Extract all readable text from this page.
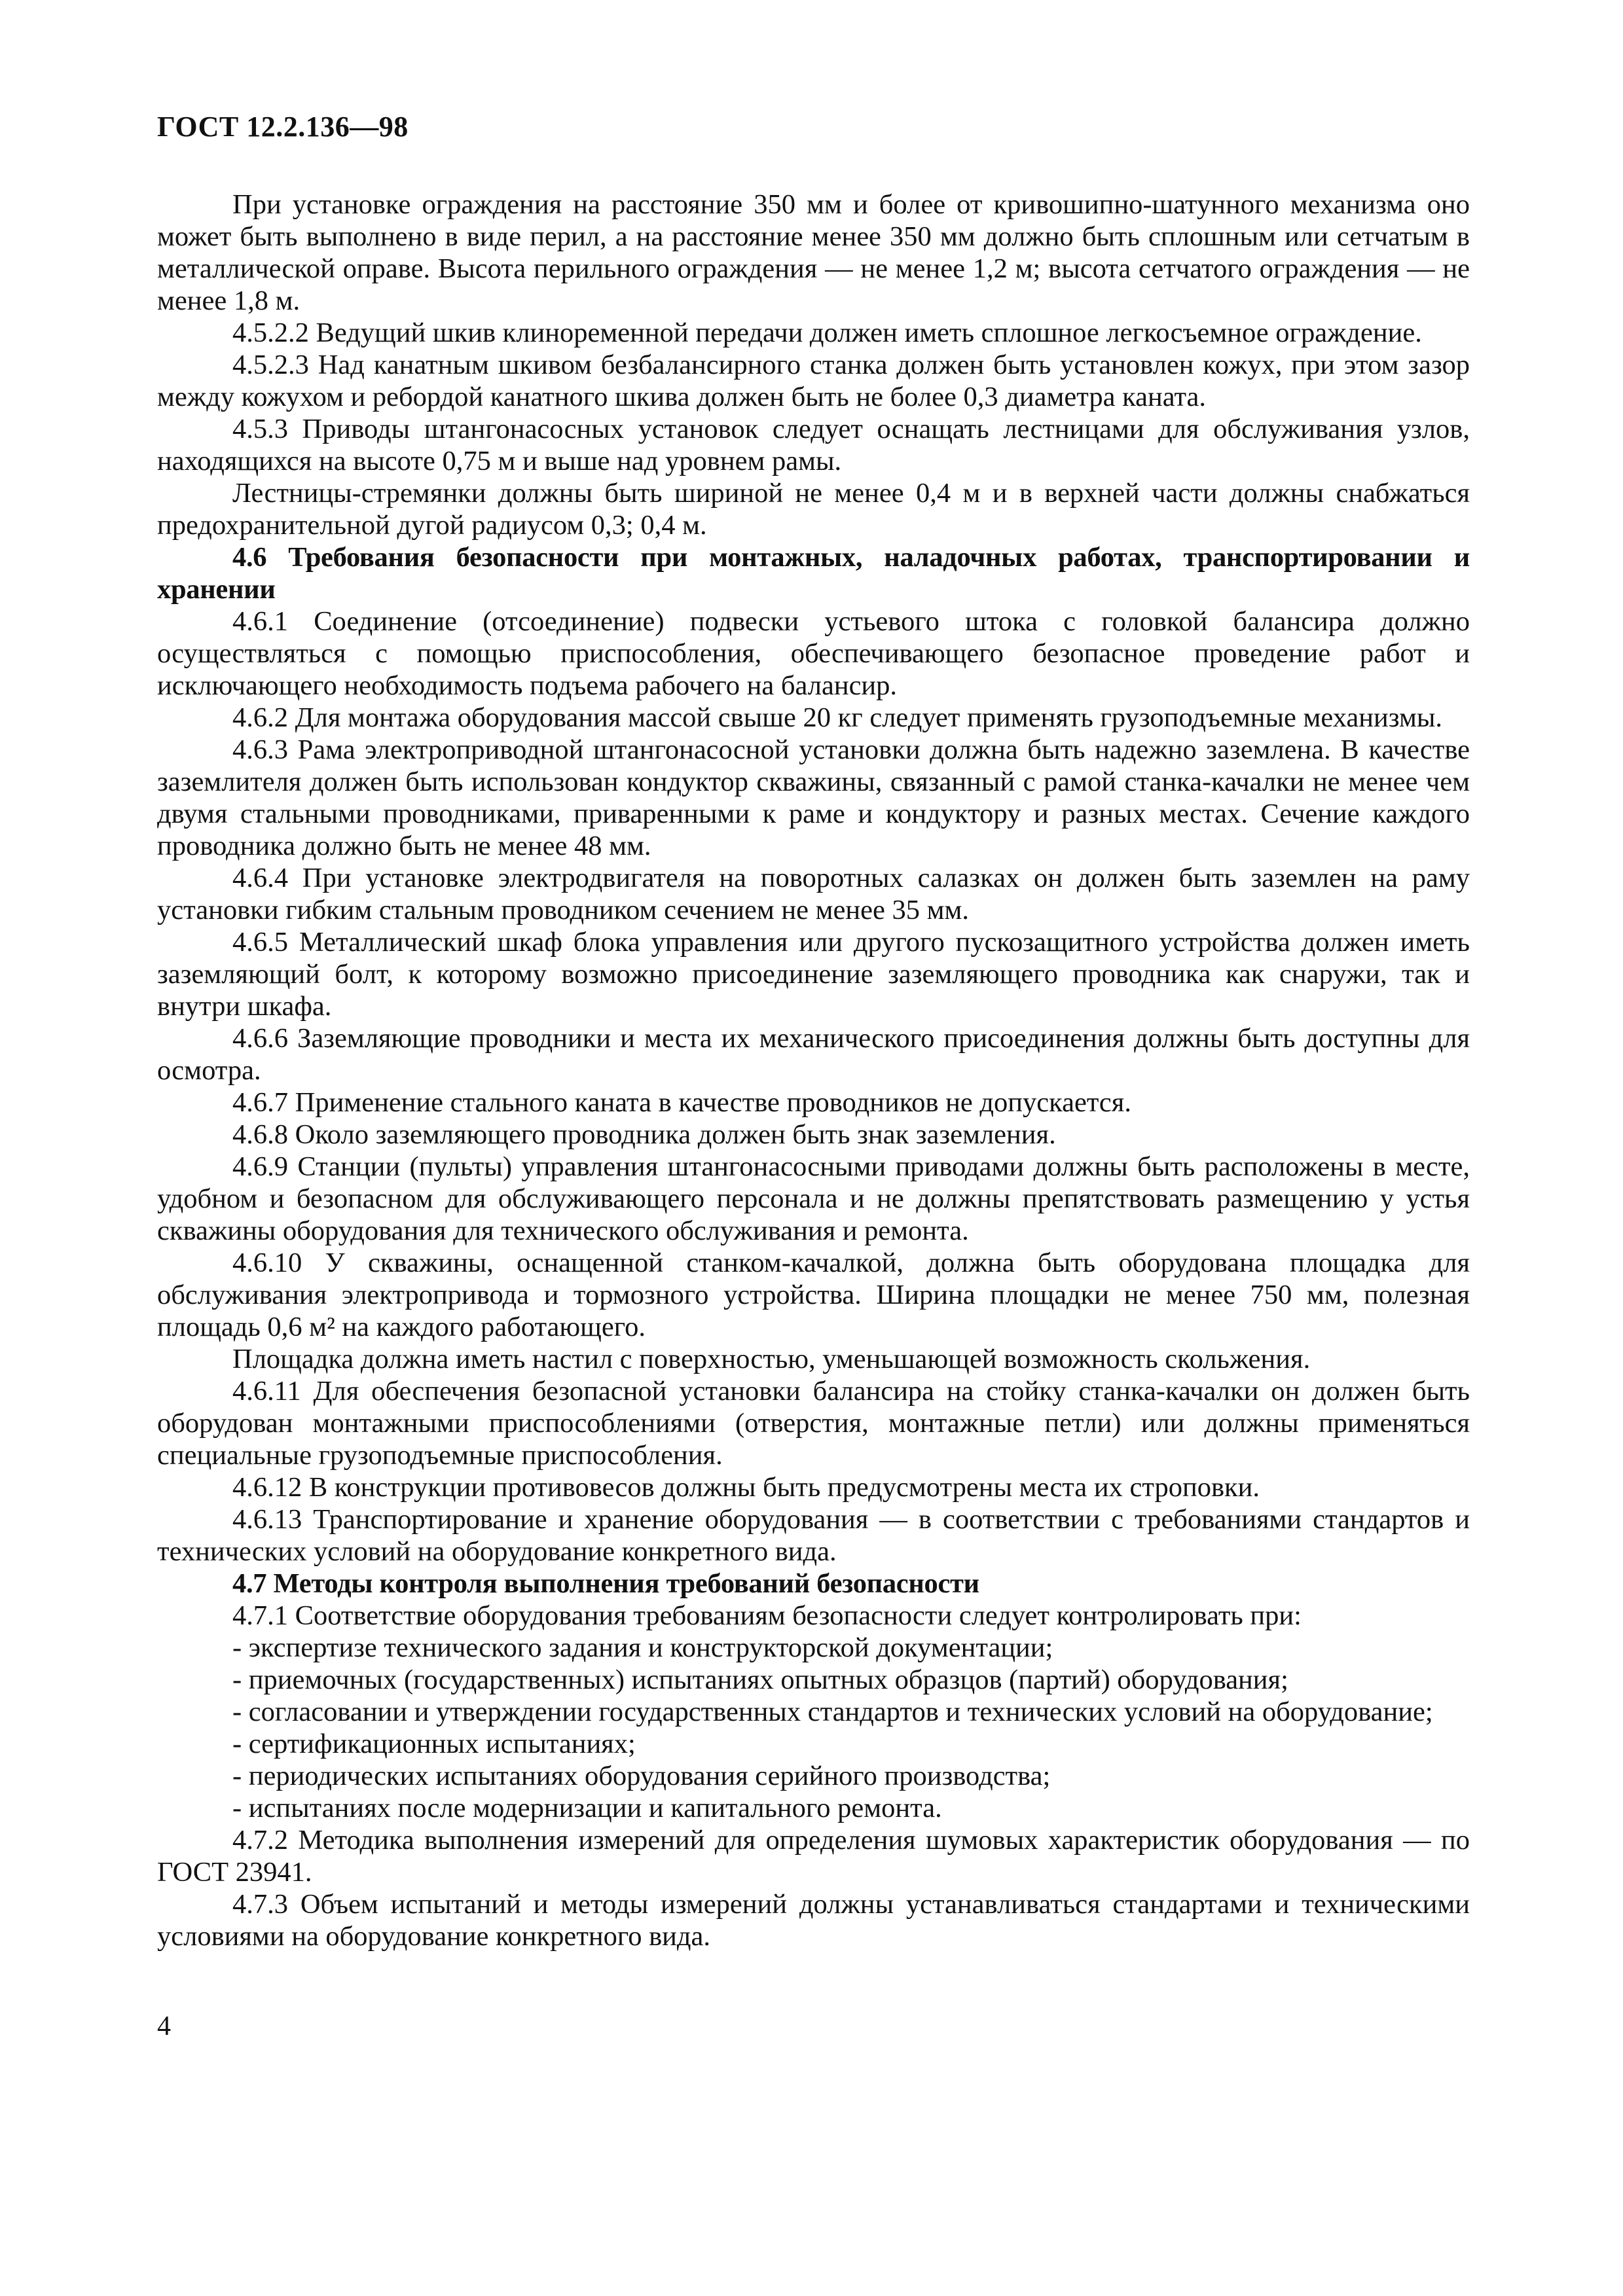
ГОСТ 12.2.136—98

При установке ограждения на расстояние 350 мм и более от кривошипно-шатунного механизма оно может быть выполнено в виде перил, а на расстояние менее 350 мм должно быть сплошным или сетчатым в металлической оправе. Высота перильного ограждения — не менее 1,2 м; высота сетчатого ограждения — не менее 1,8 м.

4.5.2.2 Ведущий шкив клиноременной передачи должен иметь сплошное легкосъемное ограждение.

4.5.2.3 Над канатным шкивом безбалансирного станка должен быть установлен кожух, при этом зазор между кожухом и ребордой канатного шкива должен быть не более 0,3 диаметра каната.

4.5.3 Приводы штангонасосных установок следует оснащать лестницами для обслуживания узлов, находящихся на высоте 0,75 м и выше над уровнем рамы.

Лестницы-стремянки должны быть шириной не менее 0,4 м и в верхней части должны снабжаться предохранительной дугой радиусом 0,3; 0,4 м.

4.6 Требования безопасности при монтажных, наладочных работах, транспортировании и хранении

4.6.1 Соединение (отсоединение) подвески устьевого штока с головкой балансира должно осуществляться с помощью приспособления, обеспечивающего безопасное проведение работ и исключающего необходимость подъема рабочего на балансир.

4.6.2 Для монтажа оборудования массой свыше 20 кг следует применять грузоподъемные механизмы.

4.6.3 Рама электроприводной штангонасосной установки должна быть надежно заземлена. В качестве заземлителя должен быть использован кондуктор скважины, связанный с рамой станка-качалки не менее чем двумя стальными проводниками, приваренными к раме и кондуктору и разных местах. Сечение каждого проводника должно быть не менее 48 мм.

4.6.4 При установке электродвигателя на поворотных салазках он должен быть заземлен на раму установки гибким стальным проводником сечением не менее 35 мм.

4.6.5 Металлический шкаф блока управления или другого пускозащитного устройства должен иметь заземляющий болт, к которому возможно присоединение заземляющего проводника как снаружи, так и внутри шкафа.

4.6.6 Заземляющие проводники и места их механического присоединения должны быть доступны для осмотра.

4.6.7 Применение стального каната в качестве проводников не допускается.

4.6.8 Около заземляющего проводника должен быть знак заземления.

4.6.9 Станции (пульты) управления штангонасосными приводами должны быть расположены в месте, удобном и безопасном для обслуживающего персонала и не должны препятствовать размещению у устья скважины оборудования для технического обслуживания и ремонта.

4.6.10 У скважины, оснащенной станком-качалкой, должна быть оборудована площадка для обслуживания электропривода и тормозного устройства. Ширина площадки не менее 750 мм, полезная площадь 0,6 м² на каждого работающего.

Площадка должна иметь настил с поверхностью, уменьшающей возможность скольжения.

4.6.11 Для обеспечения безопасной установки балансира на стойку станка-качалки он должен быть оборудован монтажными приспособлениями (отверстия, монтажные петли) или должны применяться специальные грузоподъемные приспособления.

4.6.12 В конструкции противовесов должны быть предусмотрены места их строповки.

4.6.13 Транспортирование и хранение оборудования — в соответствии с требованиями стандартов и технических условий на оборудование конкретного вида.

4.7 Методы контроля выполнения требований безопасности

4.7.1 Соответствие оборудования требованиям безопасности следует контролировать при:

- экспертизе технического задания и конструкторской документации;

- приемочных (государственных) испытаниях опытных образцов (партий) оборудования;

- согласовании и утверждении государственных стандартов и технических условий на оборудование;

- сертификационных испытаниях;

- периодических испытаниях оборудования серийного производства;

- испытаниях после модернизации и капитального ремонта.

4.7.2 Методика выполнения измерений для определения шумовых характеристик оборудования — по ГОСТ 23941.

4.7.3 Объем испытаний и методы измерений должны устанавливаться стандартами и техническими условиями на оборудование конкретного вида.

4
